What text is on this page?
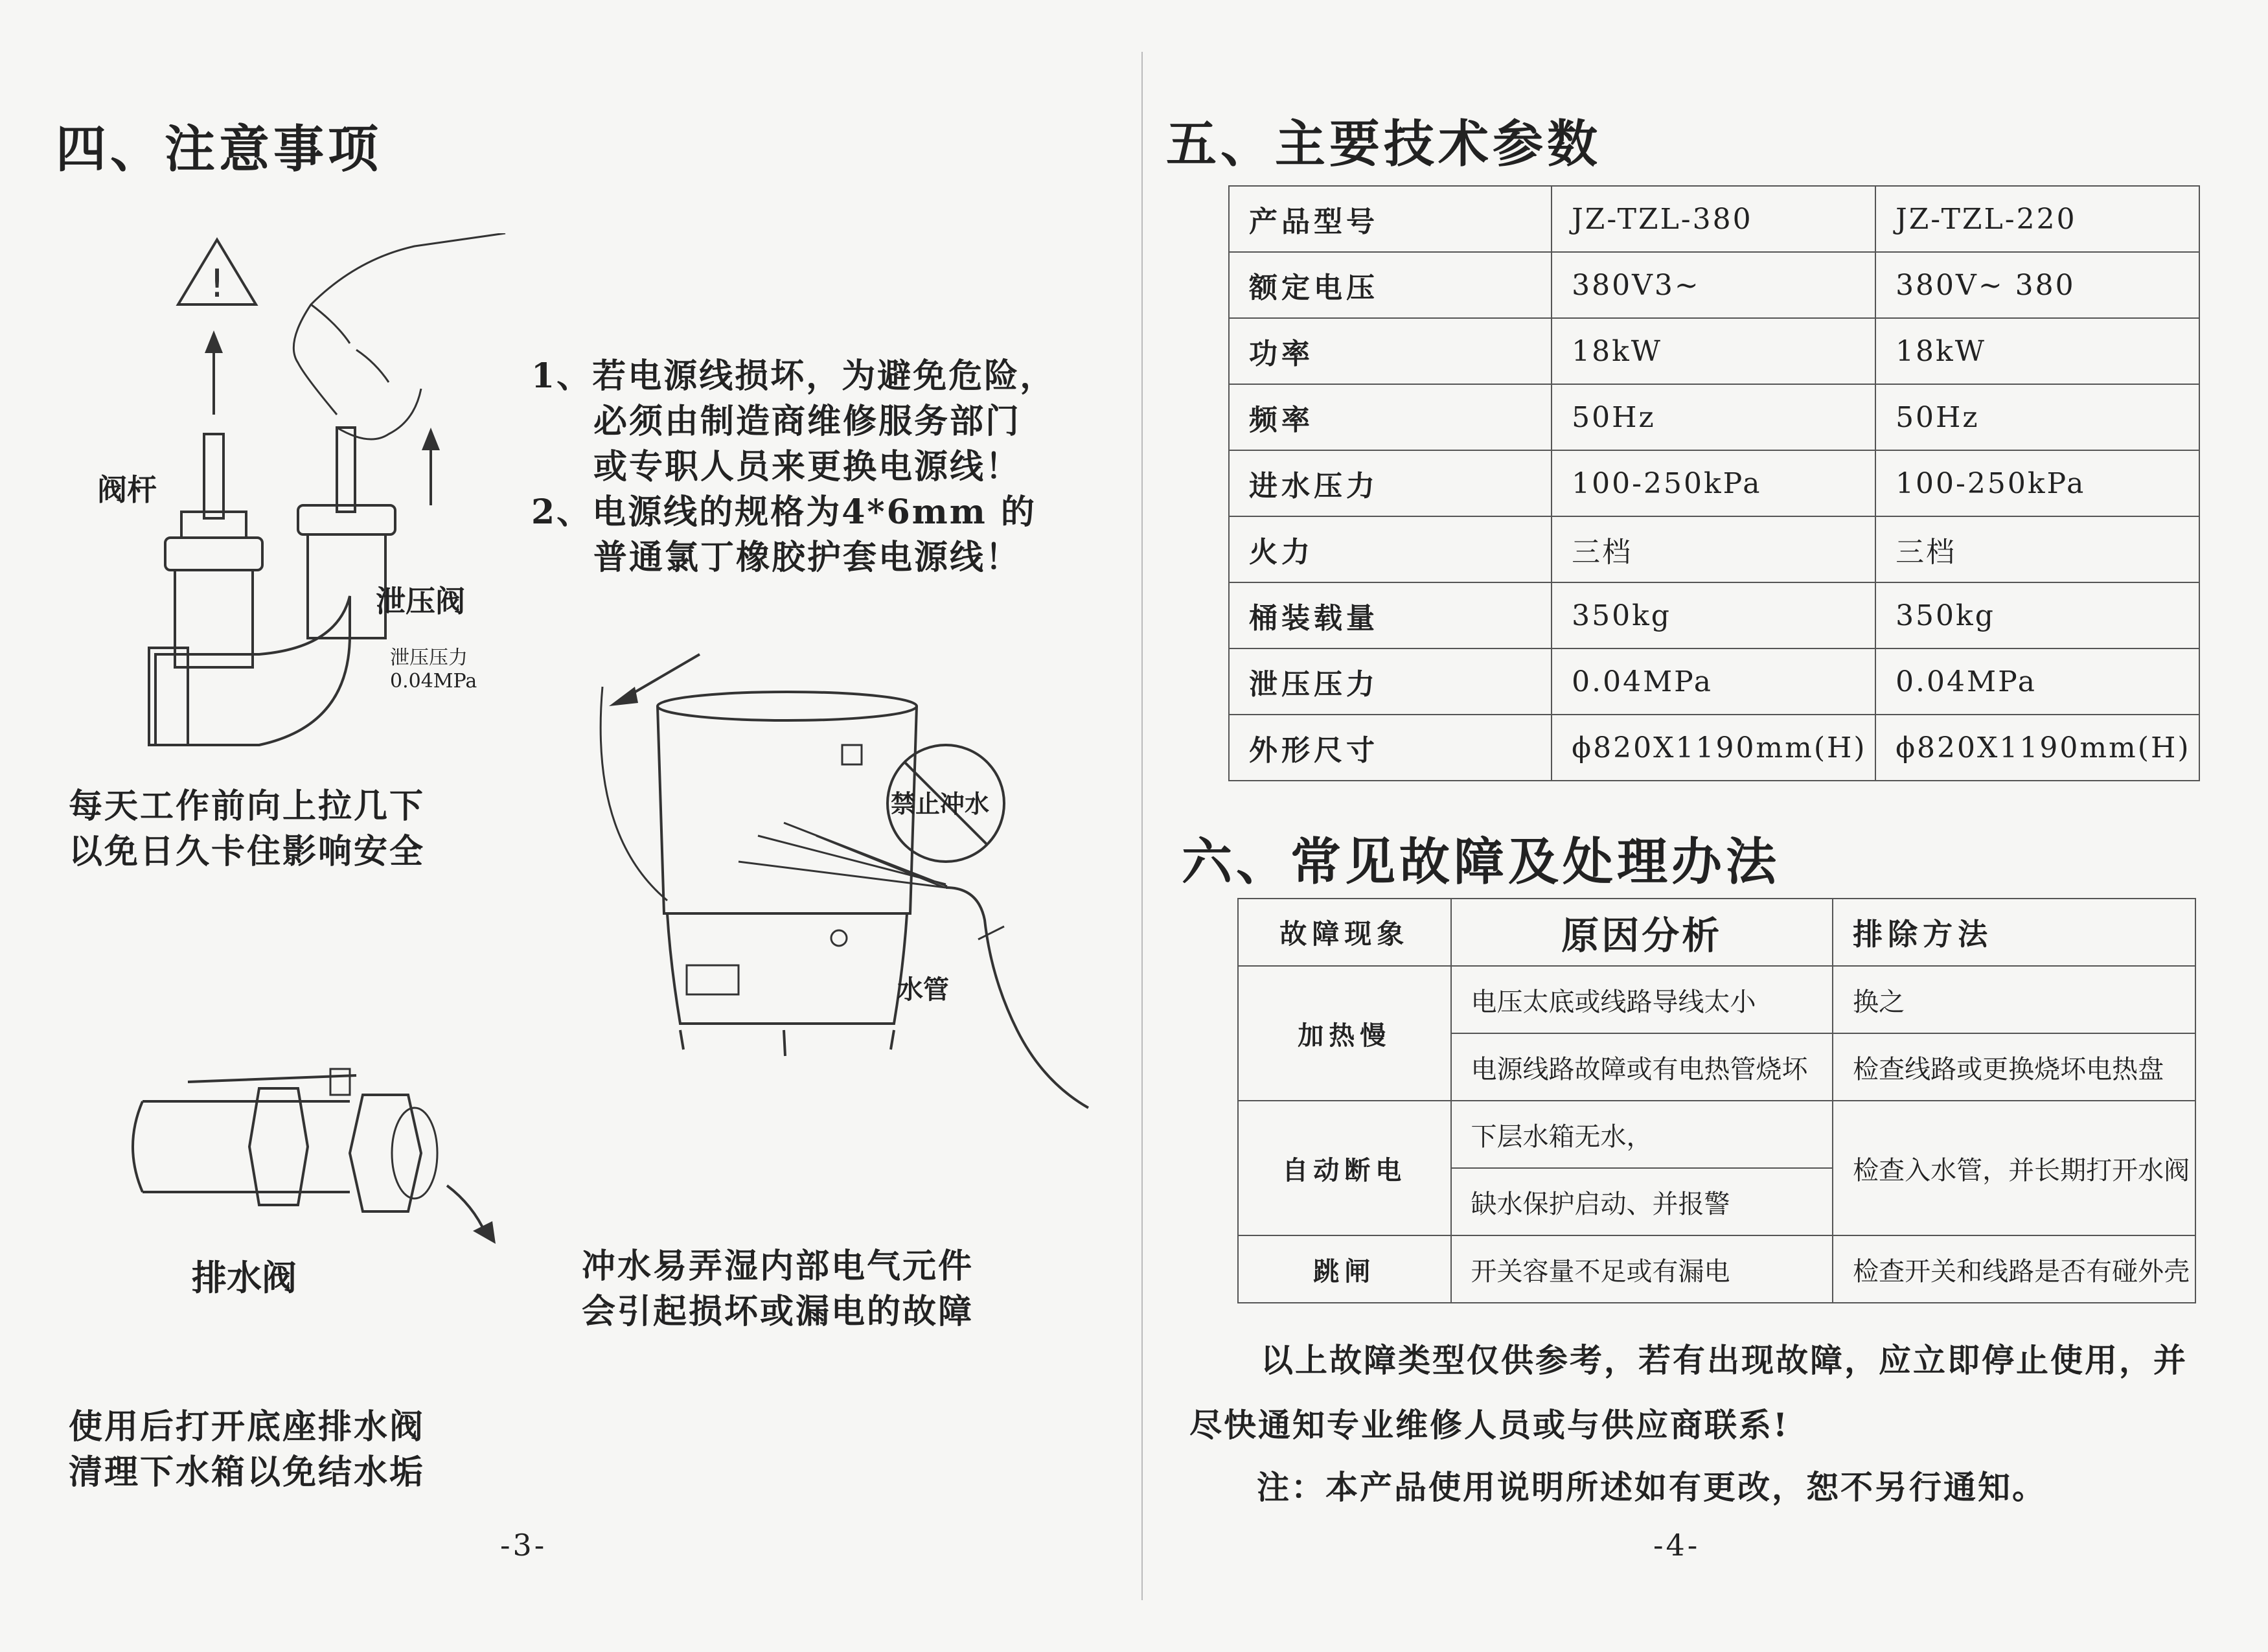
四、注意事项
!
阀杆
泄压阀
泄压压力
0.04MPa
每天工作前向上拉几下
以免日久卡住影响安全
1、若电源线损坏，为避免危险，
必须由制造商维修服务部门
或专职人员来更换电源线！
2、电源线的规格为4*6mm 的
普通氯丁橡胶护套电源线！
禁止冲水
水管
排水阀
使用后打开底座排水阀
清理下水箱以免结水垢
冲水易弄湿内部电气元件
会引起损坏或漏电的故障
-3-
五、主要技术参数
产品型号	JZ-TZL-380	JZ-TZL-220
额定电压	380V3~	380V~ 380
功率	18kW	18kW
频率	50Hz	50Hz
进水压力	100-250kPa	100-250kPa
火力	三档	三档
桶装载量	350kg	350kg
泄压压力	0.04MPa	0.04MPa
外形尺寸	ϕ820X1190mm(H)	ϕ820X1190mm(H)
六、常见故障及处理办法
故障现象	原因分析	排除方法
加热慢	电压太底或线路导线太小	换之
	电源线路故障或有电热管烧坏	检查线路或更换烧坏电热盘
自动断电	下层水箱无水，	检查入水管，并长期打开水阀
	缺水保护启动、并报警	
跳闸	开关容量不足或有漏电	检查开关和线路是否有碰外壳
以上故障类型仅供参考，若有出现故障，应立即停止使用，并
尽快通知专业维修人员或与供应商联系!
注：本产品使用说明所述如有更改，恕不另行通知。
-4-
